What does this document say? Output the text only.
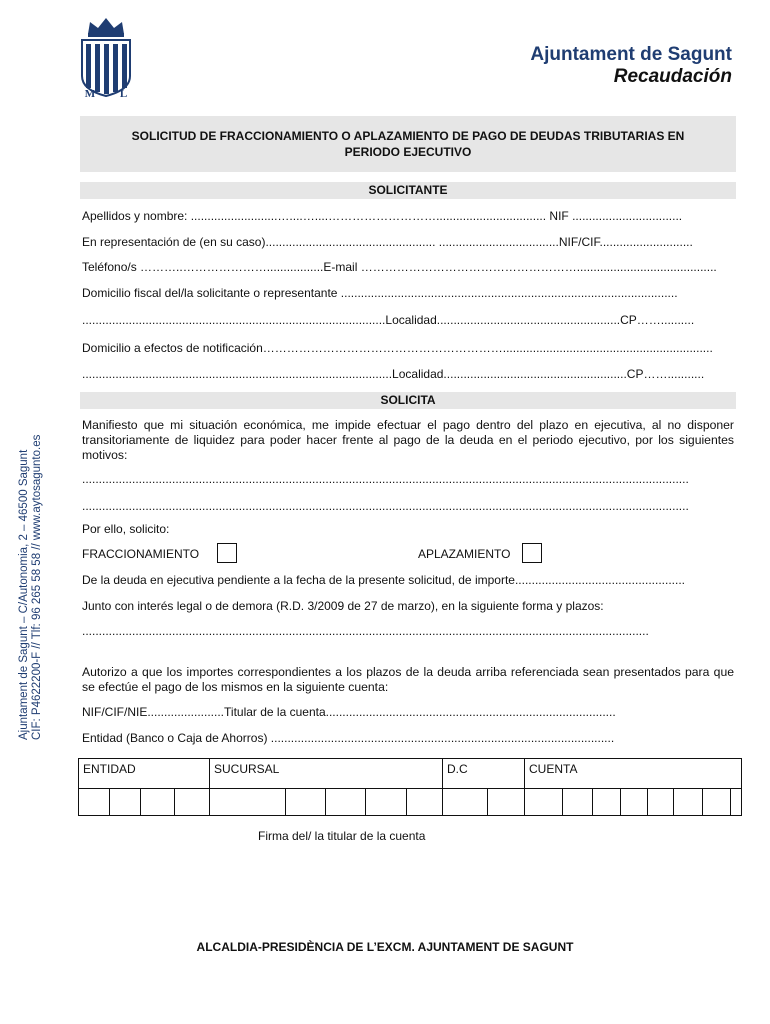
M L
Ajuntament de Sagunt
Recaudación
SOLICITUD DE FRACCIONAMIENTO O APLAZAMIENTO DE PAGO DE DEUDAS TRIBUTARIAS EN
PERIODO EJECUTIVO
SOLICITANTE
Apellidos y nombre: ..........................…....…....………………………................................. NIF .................................
En representación de (en su caso)................................................... ....................................NIF/CIF............................
Teléfono/s ………..………………….................E-mail ………………………………………………..........................................
Domicilio fiscal del/la solicitante o representante .....................................................................................................
...........................................................................................Localidad.......................................................CP……..........
Domicilio a efectos de notificación……………………………………………………...............................................................
.............................................................................................Localidad.......................................................CP……...........
SOLICITA
Manifiesto que mi situación económica, me impide efectuar el pago dentro del plazo en ejecutiva, al no disponer transitoriamente de liquidez para poder hacer frente al pago de la deuda en el periodo ejecutivo, por los siguientes motivos:
......................................................................................................................................................................................
......................................................................................................................................................................................
Por ello, solicito:
FRACCIONAMIENTO	APLAZAMIENTO
De la deuda en ejecutiva pendiente a la fecha de la presente solicitud, de importe...................................................
Junto con interés legal o de demora (R.D. 3/2009 de 27 de marzo), en la siguiente forma y plazos:
..........................................................................................................................................................................
Autorizo a que los importes correspondientes a los plazos de la deuda arriba referenciada sean presentados para que se efectúe el pago de los mismos en la siguiente cuenta:
NIF/CIF/NIE.......................Titular de la cuenta.......................................................................................
Entidad (Banco o Caja de Ahorros) .......................................................................................................
ENTIDAD	SUCURSAL	D.C	CUENTA
Firma del/ la titular de la cuenta
Ajuntament de Sagunt – C/Autonomia, 2 – 46500 Sagunt CIF: P4622200-F // Tlf: 96 265 58 58 // www.aytosagunto.es
ALCALDIA-PRESIDÈNCIA DE L’EXCM. AJUNTAMENT DE SAGUNT
